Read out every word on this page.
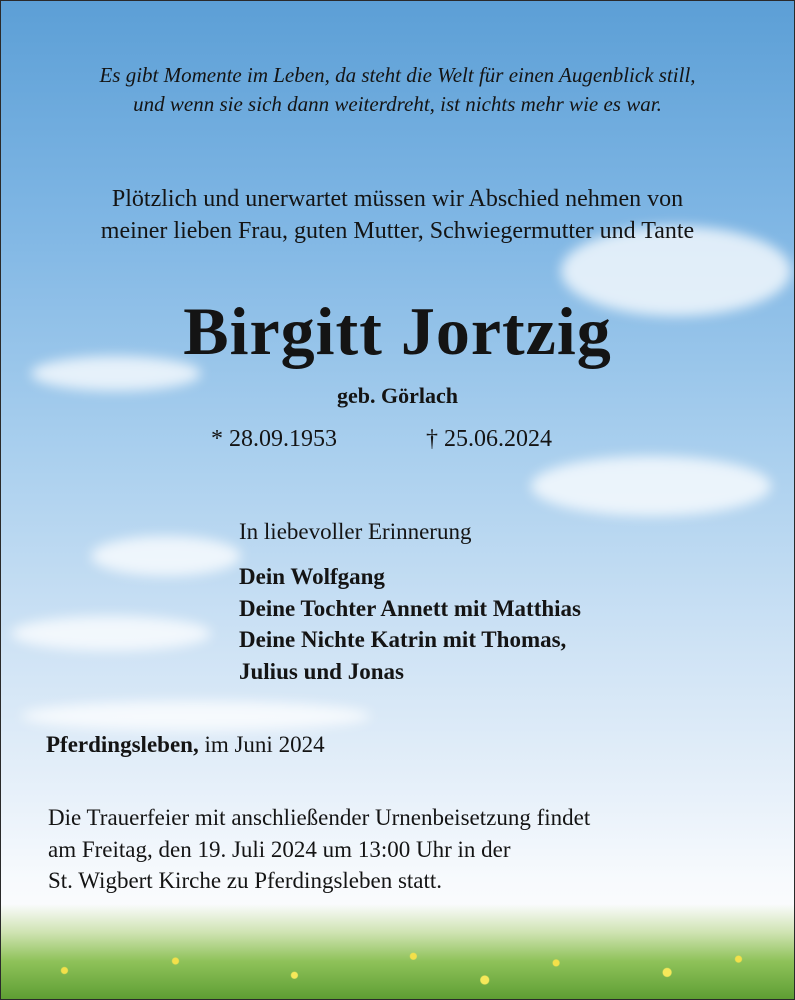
Es gibt Momente im Leben, da steht die Welt für einen Augenblick still,
und wenn sie sich dann weiterdreht, ist nichts mehr wie es war.
Plötzlich und unerwartet müssen wir Abschied nehmen von
meiner lieben Frau, guten Mutter, Schwiegermutter und Tante
Birgitt Jortzig
geb. Görlach
* 28.09.1953	† 25.06.2024
In liebevoller Erinnerung
Dein Wolfgang
Deine Tochter Annett mit Matthias
Deine Nichte Katrin mit Thomas,
Julius und Jonas
Pferdingsleben, im Juni 2024
Die Trauerfeier mit anschließender Urnenbeisetzung findet
am Freitag, den 19. Juli 2024 um 13:00 Uhr in der
St. Wigbert Kirche zu Pferdingsleben statt.
